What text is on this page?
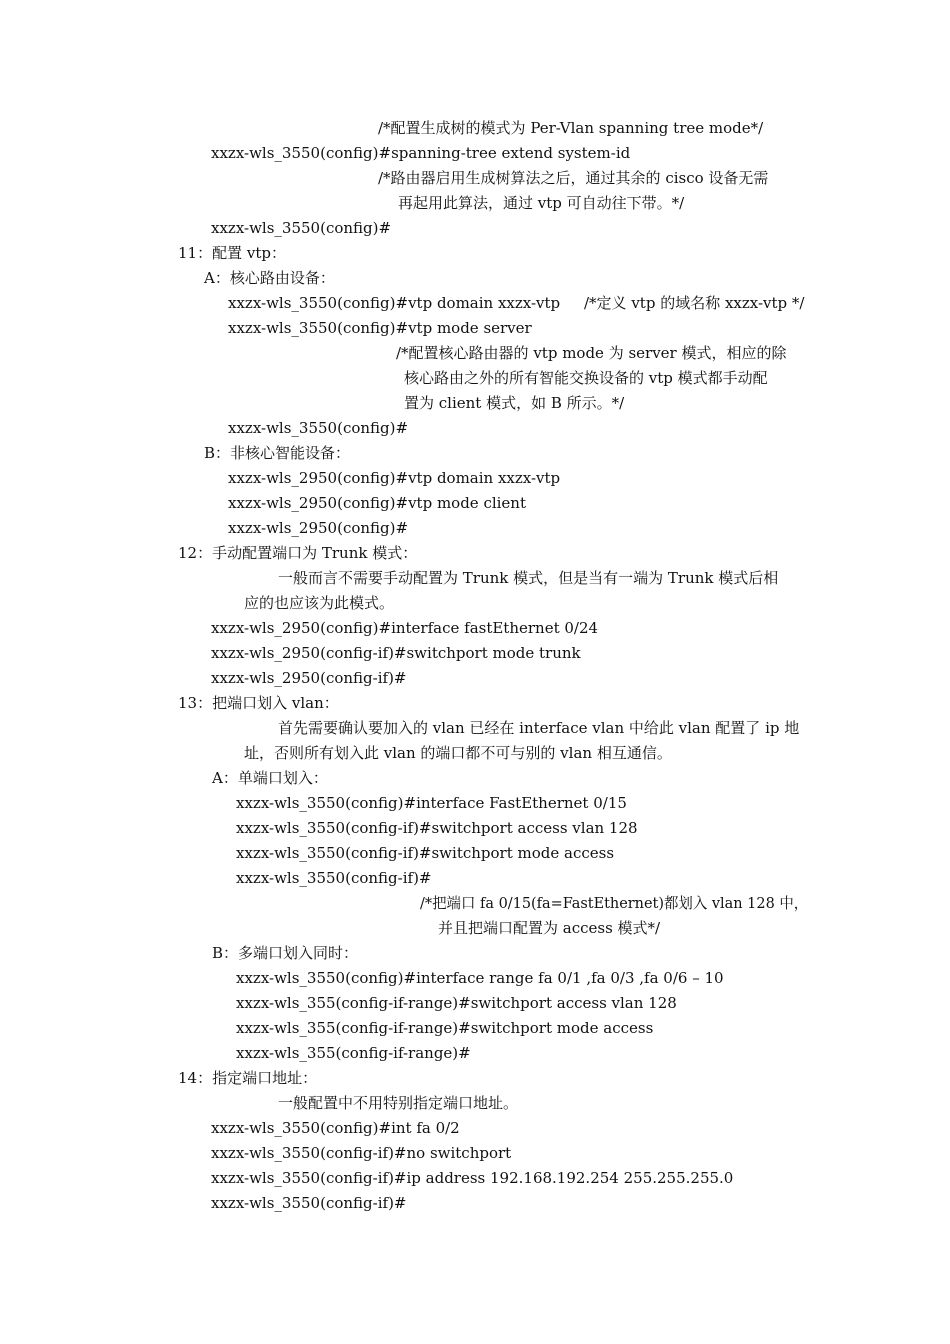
/*配置生成树的模式为 Per-Vlan spanning tree mode*/
xxzx-wls_3550(config)#spanning-tree extend system-id
/*路由器启用生成树算法之后，通过其余的 cisco 设备无需
再起用此算法，通过 vtp 可自动往下带。*/
xxzx-wls_3550(config)#
11：配置 vtp：
A：核心路由设备：
xxzx-wls_3550(config)#vtp domain xxzx-vtp /*定义 vtp 的域名称 xxzx-vtp */
xxzx-wls_3550(config)#vtp mode server
/*配置核心路由器的 vtp mode 为 server 模式，相应的除
核心路由之外的所有智能交换设备的 vtp 模式都手动配
置为 client 模式，如 B 所示。*/
xxzx-wls_3550(config)#
B：非核心智能设备：
xxzx-wls_2950(config)#vtp domain xxzx-vtp
xxzx-wls_2950(config)#vtp mode client
xxzx-wls_2950(config)#
12：手动配置端口为 Trunk 模式：
一般而言不需要手动配置为 Trunk 模式，但是当有一端为 Trunk 模式后相
应的也应该为此模式。
xxzx-wls_2950(config)#interface fastEthernet 0/24
xxzx-wls_2950(config-if)#switchport mode trunk
xxzx-wls_2950(config-if)#
13：把端口划入 vlan：
首先需要确认要加入的 vlan 已经在 interface vlan 中给此 vlan 配置了 ip 地
址，否则所有划入此 vlan 的端口都不可与别的 vlan 相互通信。
A：单端口划入：
xxzx-wls_3550(config)#interface FastEthernet 0/15
xxzx-wls_3550(config-if)#switchport access vlan 128
xxzx-wls_3550(config-if)#switchport mode access
xxzx-wls_3550(config-if)#
/*把端口 fa 0/15(fa=FastEthernet)都划入 vlan 128 中，
并且把端口配置为 access 模式*/
B：多端口划入同时：
xxzx-wls_3550(config)#interface range fa 0/1 ,fa 0/3 ,fa 0/6 – 10
xxzx-wls_355(config-if-range)#switchport access vlan 128
xxzx-wls_355(config-if-range)#switchport mode access
xxzx-wls_355(config-if-range)#
14：指定端口地址：
一般配置中不用特别指定端口地址。
xxzx-wls_3550(config)#int fa 0/2
xxzx-wls_3550(config-if)#no switchport
xxzx-wls_3550(config-if)#ip address 192.168.192.254 255.255.255.0
xxzx-wls_3550(config-if)#
